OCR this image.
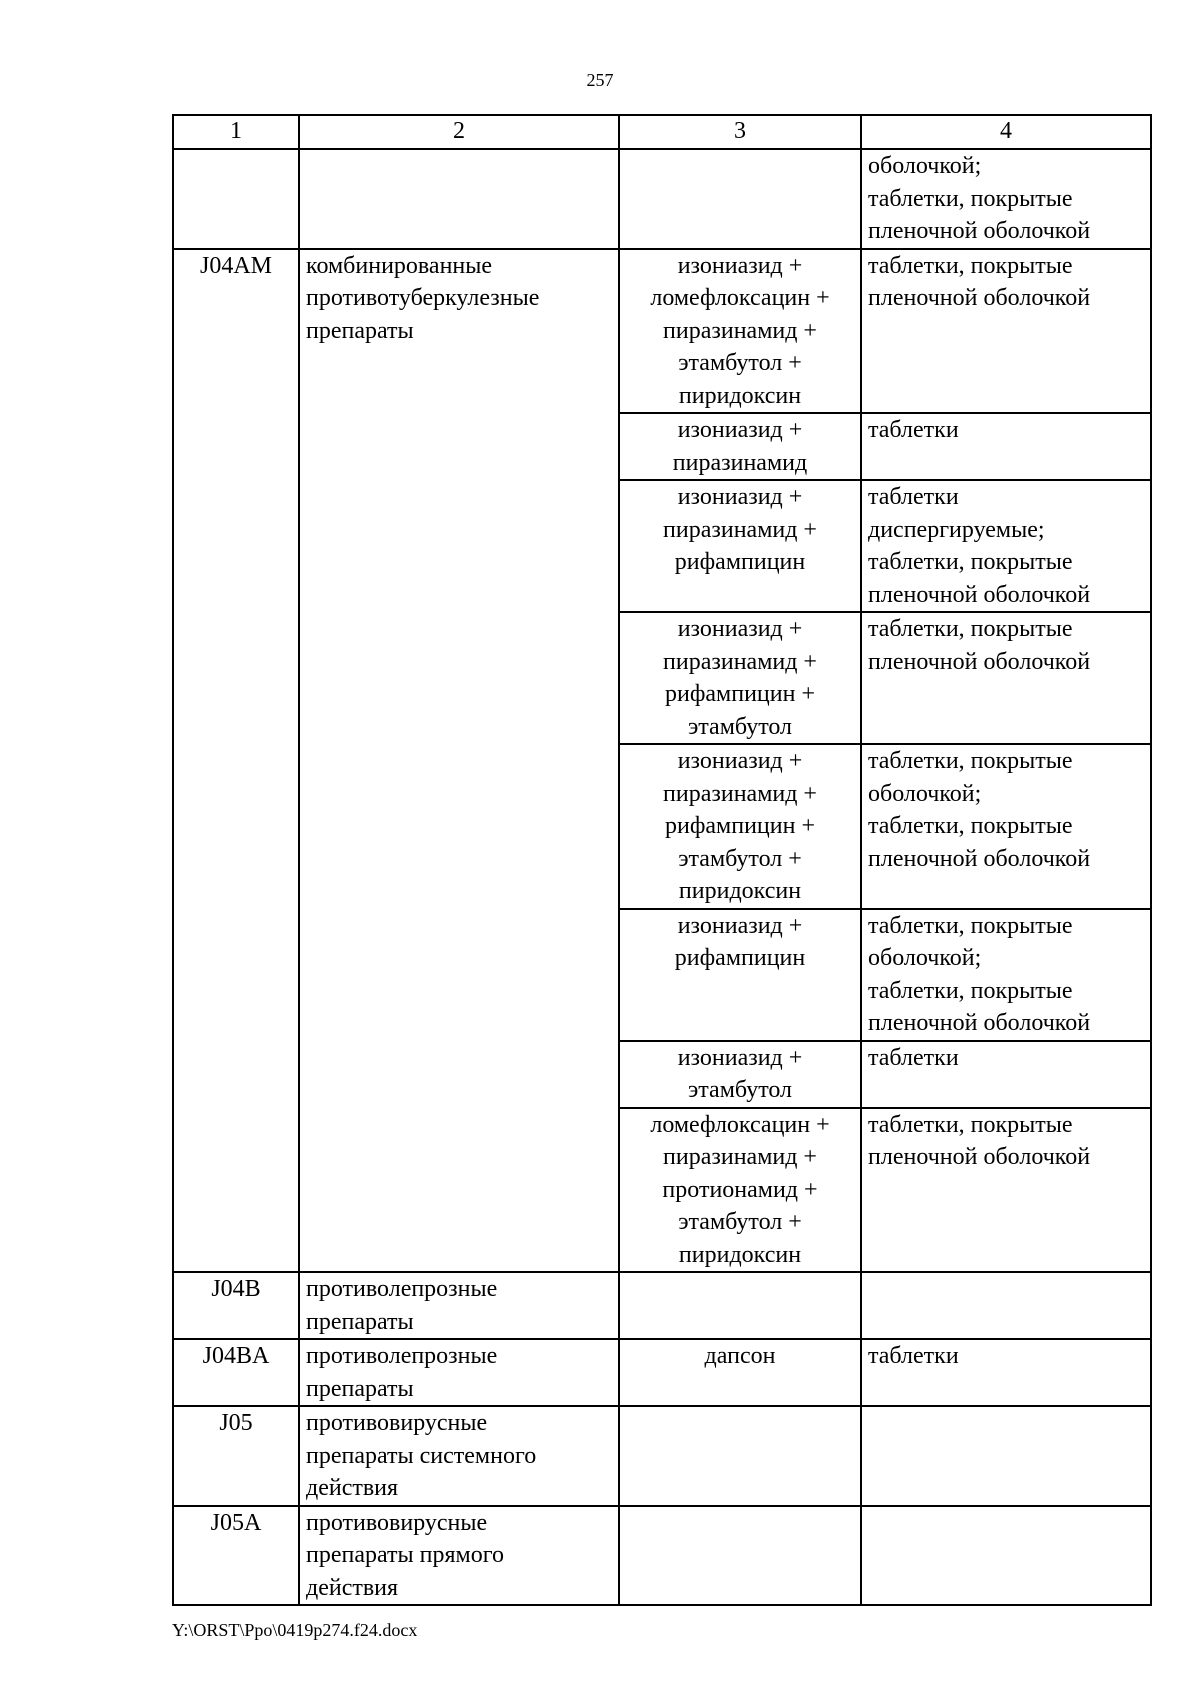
257
1	2	3	4

			оболочкой;
таблетки, покрытые
пленочной оболочкой

J04AM	комбинированные
противотуберкулезные
препараты	изониазид +
ломефлоксацин +
пиразинамид +
этамбутол +
пиридоксин	таблетки, покрытые
пленочной оболочкой

		изониазид +
пиразинамид	таблетки

		изониазид +
пиразинамид +
рифампицин	таблетки
диспергируемые;
таблетки, покрытые
пленочной оболочкой

		изониазид +
пиразинамид +
рифампицин +
этамбутол	таблетки, покрытые
пленочной оболочкой

		изониазид +
пиразинамид +
рифампицин +
этамбутол +
пиридоксин	таблетки, покрытые
оболочкой;
таблетки, покрытые
пленочной оболочкой

		изониазид +
рифампицин	таблетки, покрытые
оболочкой;
таблетки, покрытые
пленочной оболочкой

		изониазид +
этамбутол	таблетки

		ломефлоксацин +
пиразинамид +
протионамид +
этамбутол +
пиридоксин	таблетки, покрытые
пленочной оболочкой

J04B	противолепрозные
препараты		

J04BA	противолепрозные
препараты	дапсон	таблетки

J05	противовирусные
препараты системного
действия		

J05A	противовирусные
препараты прямого
действия		

Y:\ORST\Ppo\0419p274.f24.docx
